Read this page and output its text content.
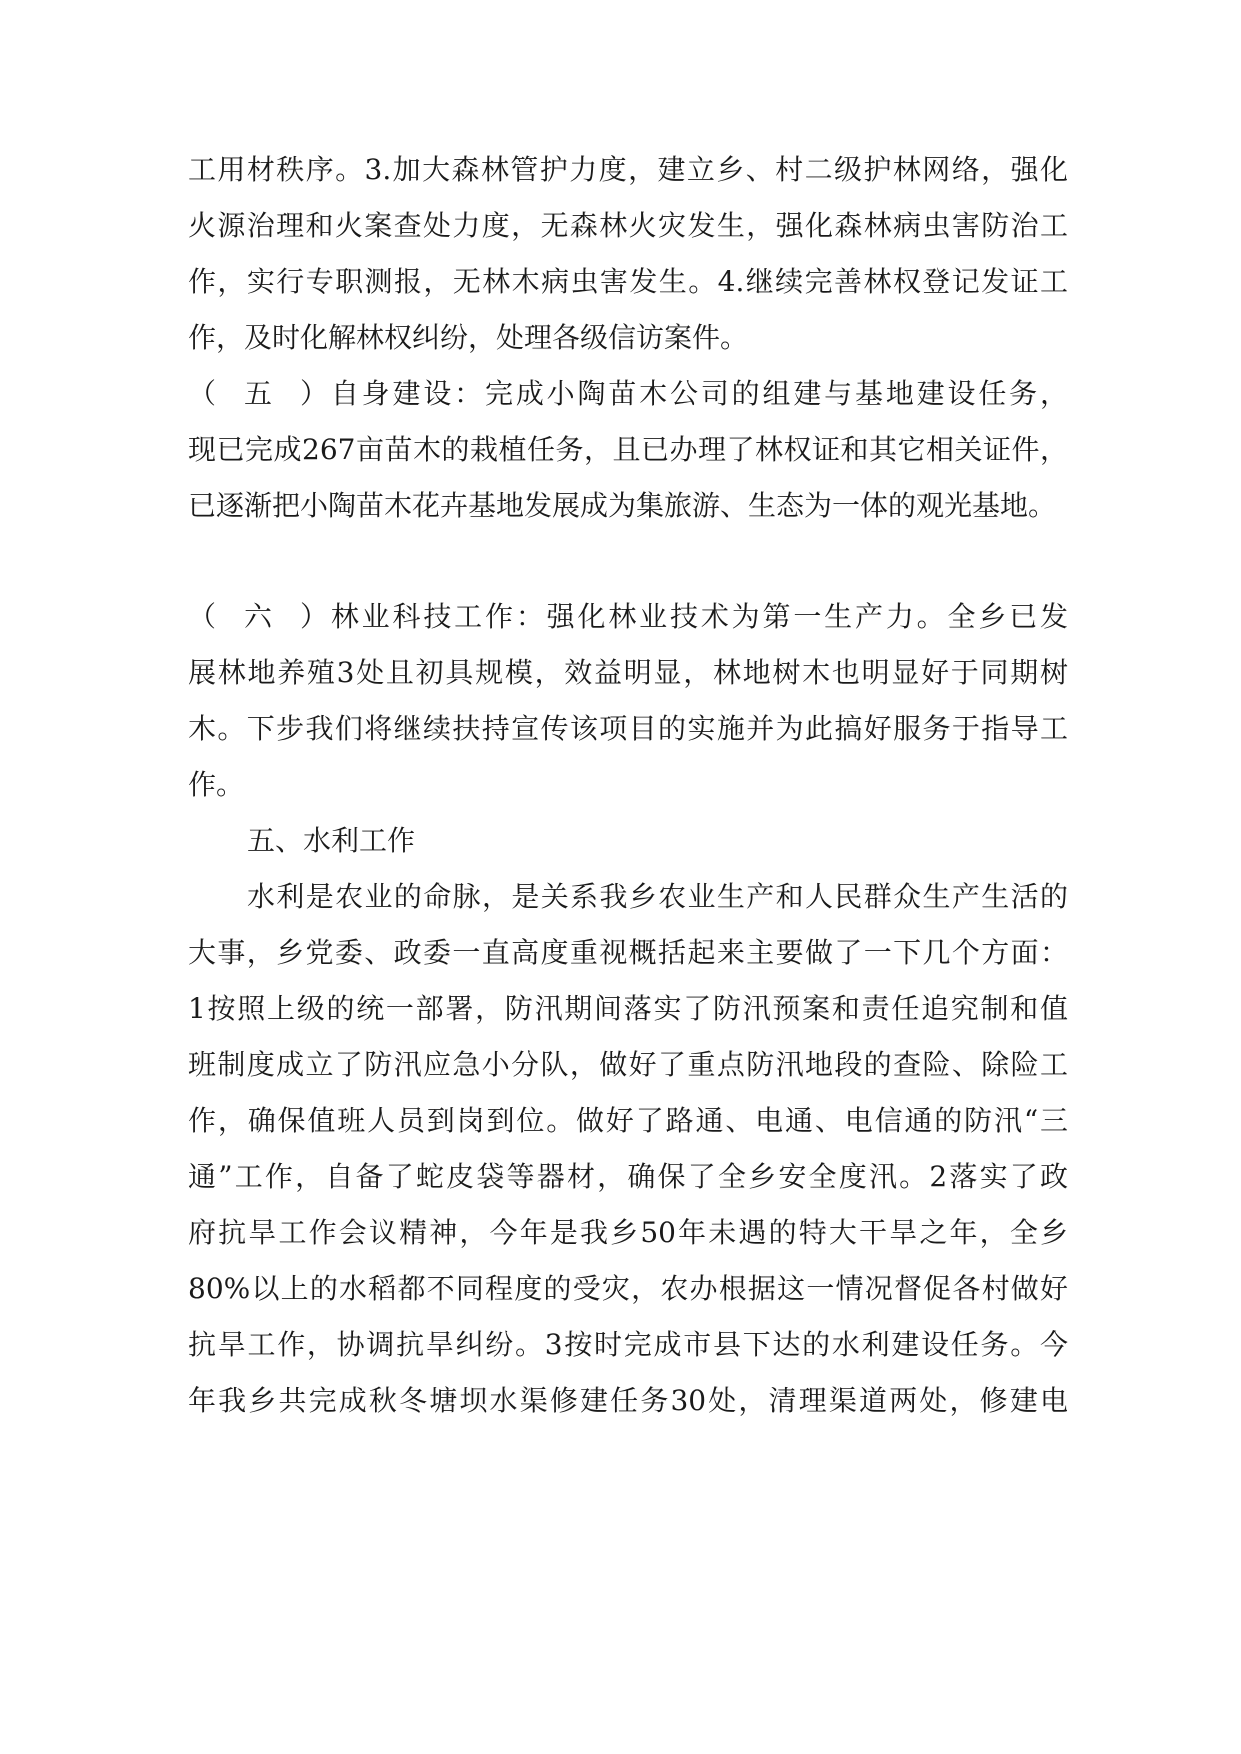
工用材秩序。3.加大森林管护力度，建立乡、村二级护林网络，强化
火源治理和火案查处力度，无森林火灾发生，强化森林病虫害防治工
作，实行专职测报，无林木病虫害发生。4.继续完善林权登记发证工
作，及时化解林权纠纷，处理各级信访案件。
（五）自身建设：完成小陶苗木公司的组建与基地建设任务，
现已完成267亩苗木的栽植任务，且已办理了林权证和其它相关证件，
已逐渐把小陶苗木花卉基地发展成为集旅游、生态为一体的观光基地。
（六）林业科技工作：强化林业技术为第一生产力。全乡已发
展林地养殖3处且初具规模，效益明显，林地树木也明显好于同期树
木。下步我们将继续扶持宣传该项目的实施并为此搞好服务于指导工
作。
五、水利工作
水利是农业的命脉，是关系我乡农业生产和人民群众生产生活的
大事，乡党委、政委一直高度重视概括起来主要做了一下几个方面：
1按照上级的统一部署，防汛期间落实了防汛预案和责任追究制和值
班制度成立了防汛应急小分队，做好了重点防汛地段的查险、除险工
作，确保值班人员到岗到位。做好了路通、电通、电信通的防汛“三
通”工作，自备了蛇皮袋等器材，确保了全乡安全度汛。2落实了政
府抗旱工作会议精神，今年是我乡50年未遇的特大干旱之年，全乡
80%以上的水稻都不同程度的受灾，农办根据这一情况督促各村做好
抗旱工作，协调抗旱纠纷。3按时完成市县下达的水利建设任务。今
年我乡共完成秋冬塘坝水渠修建任务30处，清理渠道两处，修建电
